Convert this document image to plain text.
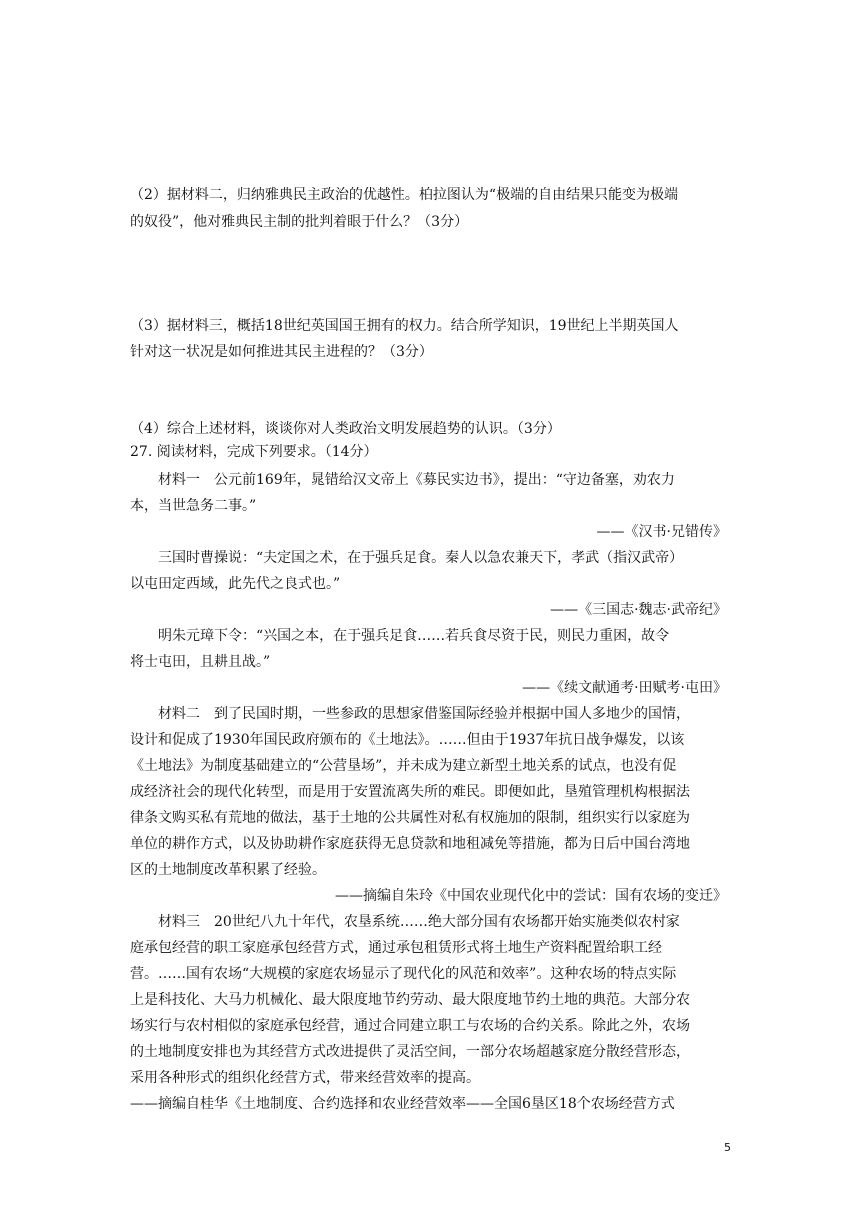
（2）据材料二，归纳雅典民主政治的优越性。柏拉图认为“极端的自由结果只能变为极端
的奴役”，他对雅典民主制的批判着眼于什么？（3分）
（3）据材料三，概括18世纪英国国王拥有的权力。结合所学知识，19世纪上半期英国人
针对这一状况是如何推进其民主进程的？（3分）
（4）综合上述材料，谈谈你对人类政治文明发展趋势的认识。（3分）
27. 阅读材料，完成下列要求。（14分）
材料一　公元前169年，晁错给汉文帝上《募民实边书》，提出：“守边备塞，劝农力
本，当世急务二事。”
——《汉书·兄错传》
三国时曹操说：“夫定国之术，在于强兵足食。秦人以急农兼天下，孝武（指汉武帝）
以屯田定西域，此先代之良式也。”
——《三国志·魏志·武帝纪》
明朱元璋下令：“兴国之本，在于强兵足食……若兵食尽资于民，则民力重困，故令
将士屯田，且耕且战。”
——《续文献通考·田赋考·屯田》
材料二　到了民国时期，一些参政的思想家借鉴国际经验并根据中国人多地少的国情，
设计和促成了1930年国民政府颁布的《土地法》。……但由于1937年抗日战争爆发，以该
《土地法》为制度基础建立的“公营垦场”，并未成为建立新型土地关系的试点，也没有促
成经济社会的现代化转型，而是用于安置流离失所的难民。即便如此，垦殖管理机构根据法
律条文购买私有荒地的做法，基于土地的公共属性对私有权施加的限制，组织实行以家庭为
单位的耕作方式，以及协助耕作家庭获得无息贷款和地租减免等措施，都为日后中国台湾地
区的土地制度改革积累了经验。
——摘编自朱玲《中国农业现代化中的尝试：国有农场的变迁》
材料三　20世纪八九十年代，农垦系统……绝大部分国有农场都开始实施类似农村家
庭承包经营的职工家庭承包经营方式，通过承包租赁形式将土地生产资料配置给职工经
营。……国有农场“大规模的家庭农场显示了现代化的风范和效率”。这种农场的特点实际
上是科技化、大马力机械化、最大限度地节约劳动、最大限度地节约土地的典范。大部分农
场实行与农村相似的家庭承包经营，通过合同建立职工与农场的合约关系。除此之外，农场
的土地制度安排也为其经营方式改进提供了灵活空间，一部分农场超越家庭分散经营形态，
采用各种形式的组织化经营方式，带来经营效率的提高。
——摘编自桂华《土地制度、合约选择和农业经营效率——全国6垦区18个农场经营方式
5
